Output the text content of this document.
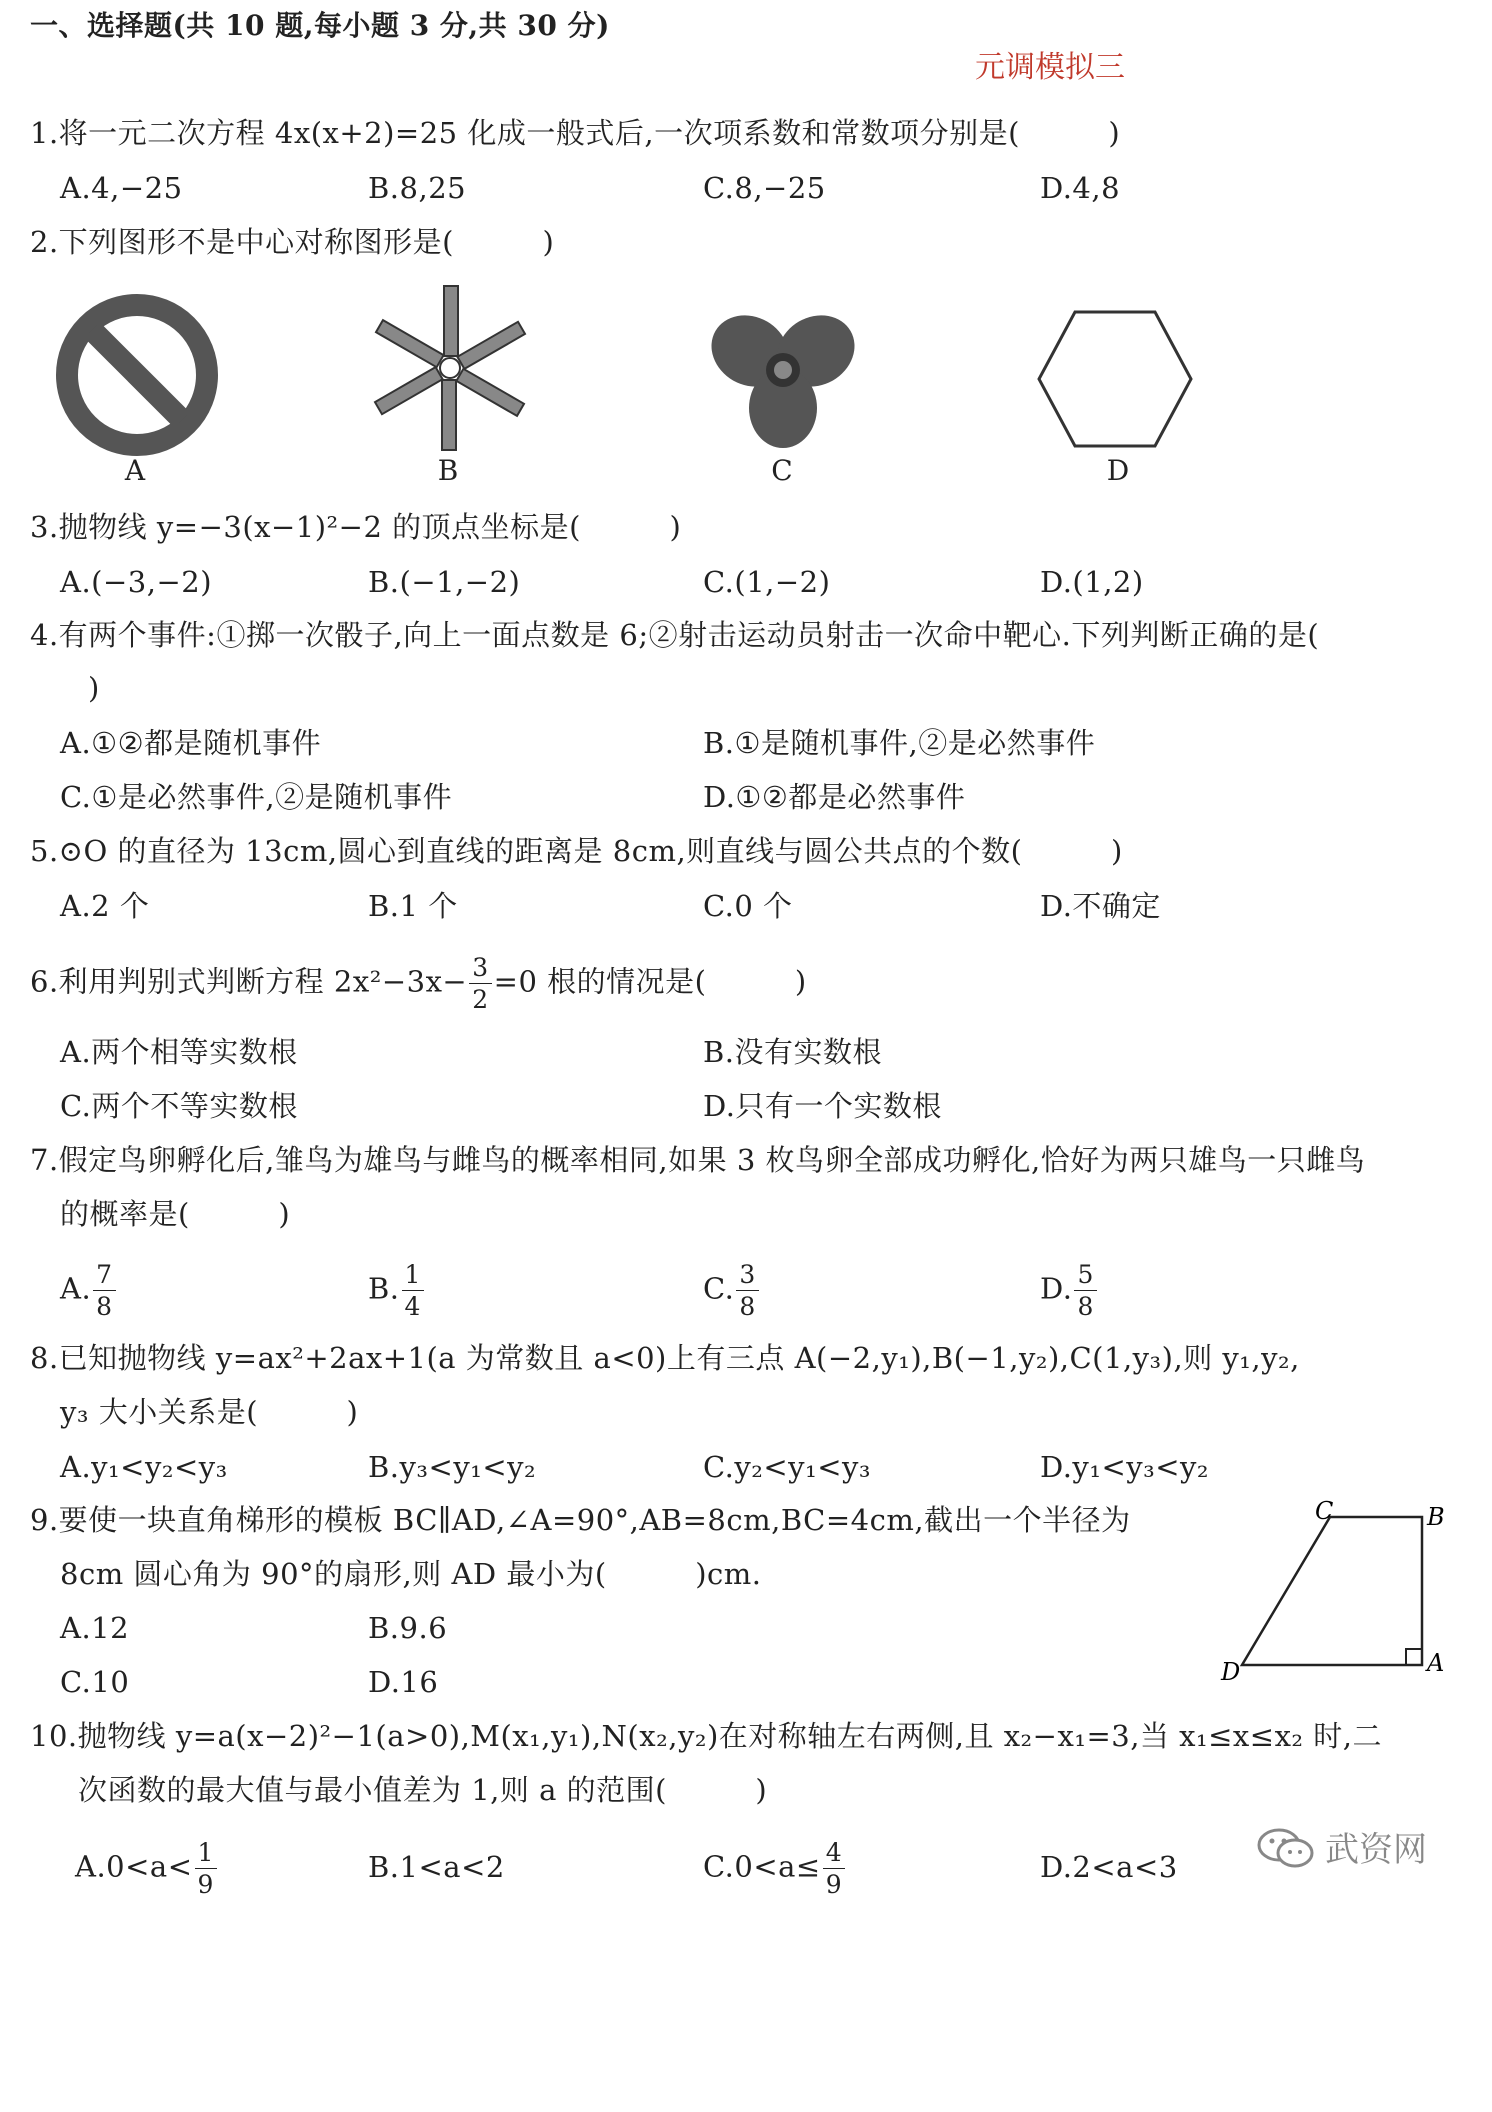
一、选择题(共 10 题,每小题 3 分,共 30 分)
元调模拟三
1.将一元二次方程 4x(x+2)=25 化成一般式后,一次项系数和常数项分别是(　　　)
A.4,−25	B.8,25	C.8,−25	D.4,8
2.下列图形不是中心对称图形是(　　　)
A	B	C	D
3.抛物线 y=−3(x−1)²−2 的顶点坐标是(　　　)
A.(−3,−2)	B.(−1,−2)	C.(1,−2)	D.(1,2)
4.有两个事件:①掷一次骰子,向上一面点数是 6;②射击运动员射击一次命中靶心.下列判断正确的是(
)
A.①②都是随机事件	B.①是随机事件,②是必然事件
C.①是必然事件,②是随机事件	D.①②都是必然事件
5.⊙O 的直径为 13cm,圆心到直线的距离是 8cm,则直线与圆公共点的个数(　　　)
A.2 个	B.1 个	C.0 个	D.不确定
6.利用判别式判断方程 $2x^2-3x- \frac{3}{2} =0$ 根的情况是(　　　)
A.两个相等实数根	B.没有实数根
C.两个不等实数根	D.只有一个实数根
7.假定鸟卵孵化后,雏鸟为雄鸟与雌鸟的概率相同,如果 3 枚鸟卵全部成功孵化,恰好为两只雄鸟一只雌鸟
的概率是(　　　)
A. $\frac{7}{8}$	B. $\frac{1}{4}$	C. $\frac{3}{8}$	D. $\frac{5}{8}$
8.已知抛物线 y=ax²+2ax+1(a 为常数且 a<0)上有三点 A(−2,y₁),B(−1,y₂),C(1,y₃),则 y₁,y₂,
y₃ 大小关系是(　　　)
A.y₁<y₂<y₃	B.y₃<y₁<y₂	C.y₂<y₁<y₃	D.y₁<y₃<y₂
9.要使一块直角梯形的模板 BC∥AD,∠A=90°,AB=8cm,BC=4cm,截出一个半径为
8cm 圆心角为 90°的扇形,则 AD 最小为(　　　)cm.
A.12	B.9.6
C.10	D.16
C	B
D	A
10.抛物线 y=a(x−2)²−1(a>0),M(x₁,y₁),N(x₂,y₂)在对称轴左右两侧,且 x₂−x₁=3,当 x₁≤x≤x₂ 时,二
次函数的最大值与最小值差为 1,则 a 的范围(　　　)
$A.0<a< \frac{1}{9}$	B.1<a<2	$C.0<a\le \frac{4}{9}$	D.2<a<3	武资网
